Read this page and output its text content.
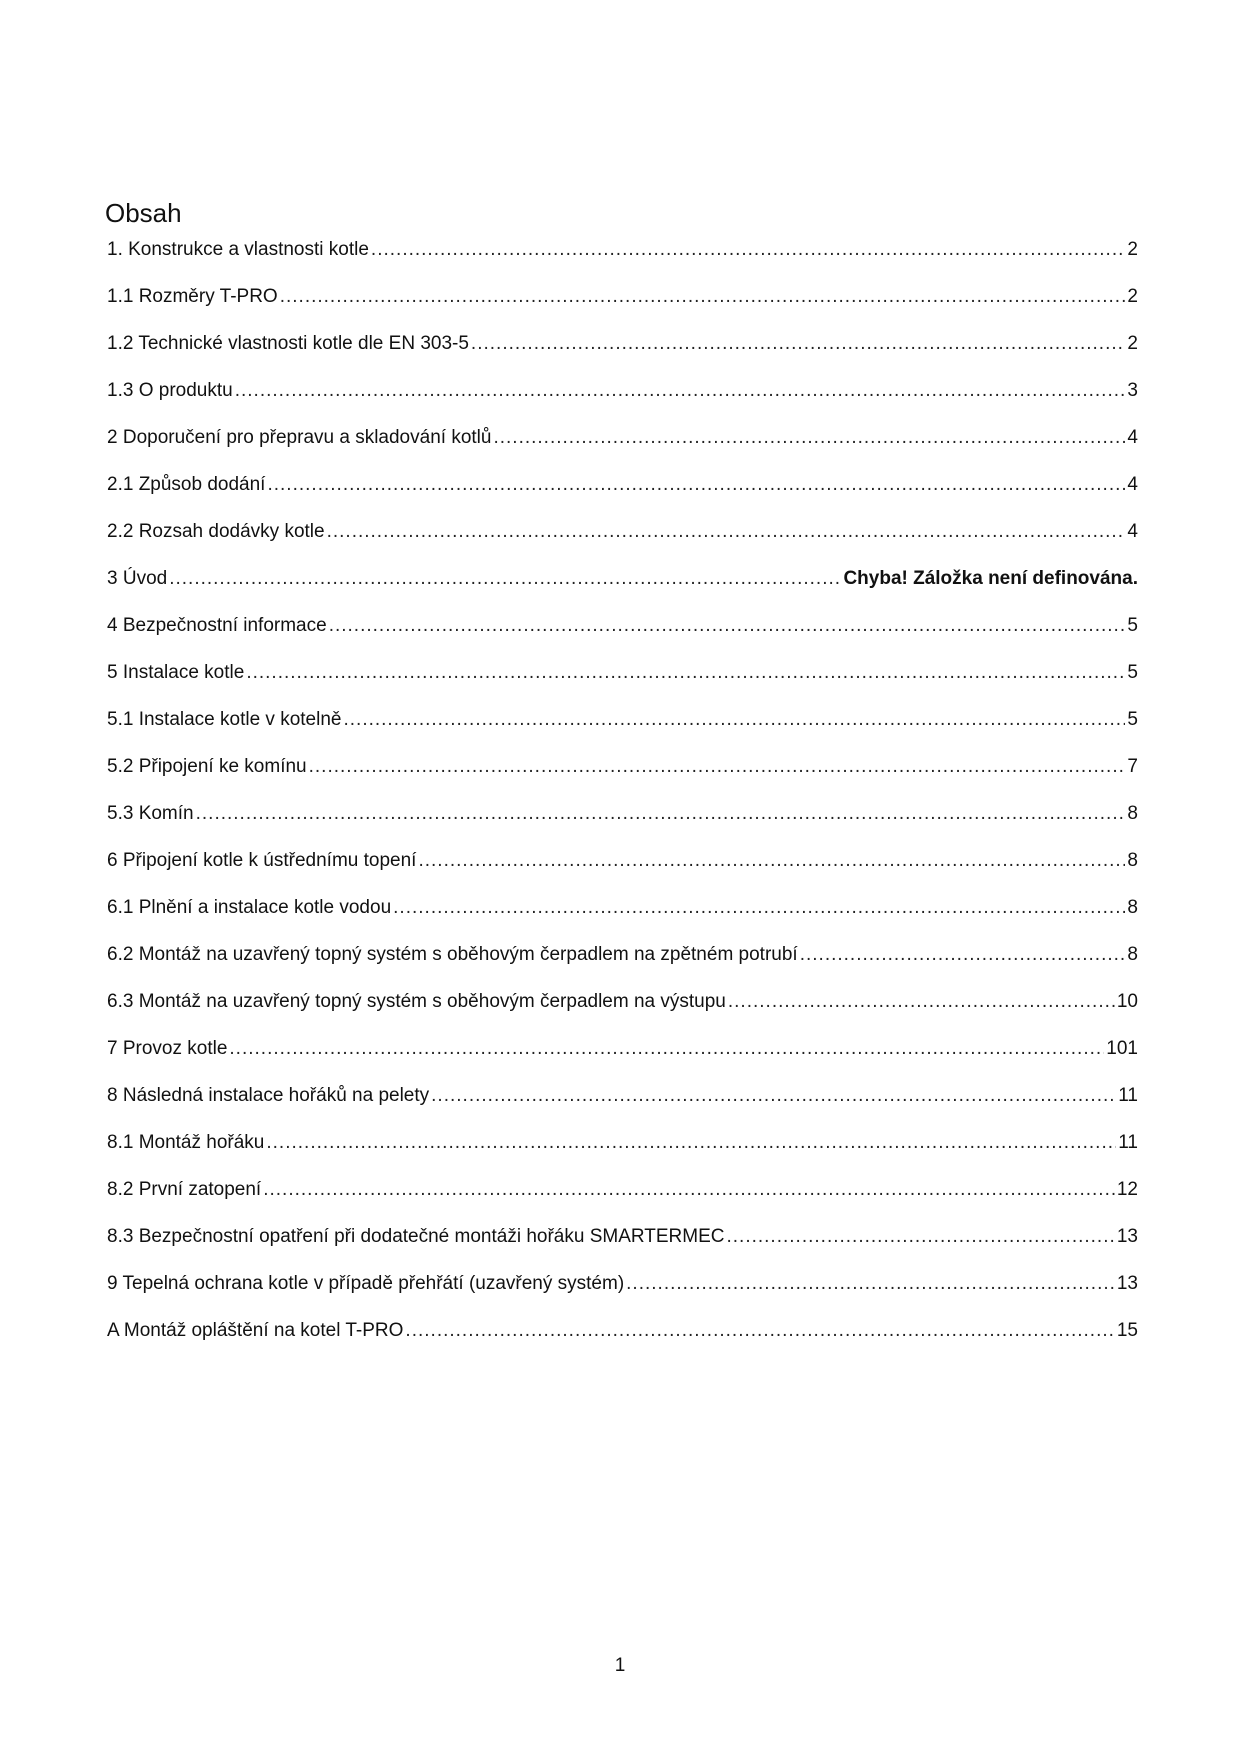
Obsah
1. Konstrukce a vlastnosti kotle .....	2
1.1 Rozměry T-PRO .....	2
1.2 Technické vlastnosti kotle dle EN 303-5 .....	2
1.3 O produktu .....	3
2 Doporučení pro přepravu a skladování kotlů .....	4
2.1 Způsob dodání .....	4
2.2 Rozsah dodávky kotle .....	4
3 Úvod .....	Chyba! Záložka není definována.
4 Bezpečnostní informace .....	5
5 Instalace kotle .....	5
5.1 Instalace kotle v kotelně .....	5
5.2 Připojení ke komínu .....	7
5.3 Komín .....	8
6 Připojení kotle k ústřednímu topení .....	8
6.1 Plnění a instalace kotle vodou .....	8
6.2 Montáž na uzavřený topný systém s oběhovým čerpadlem na zpětném potrubí .....	8
6.3 Montáž na uzavřený topný systém s oběhovým čerpadlem na výstupu .....	10
7 Provoz kotle .....	101
8 Následná instalace hořáků na pelety .....	11
8.1 Montáž hořáku .....	11
8.2 První zatopení .....	12
8.3 Bezpečnostní opatření při dodatečné montáži hořáku SMARTERMEC .....	13
9 Tepelná ochrana kotle v případě přehřátí (uzavřený systém) .....	13
A Montáž opláštění na kotel T-PRO .....	15
1
